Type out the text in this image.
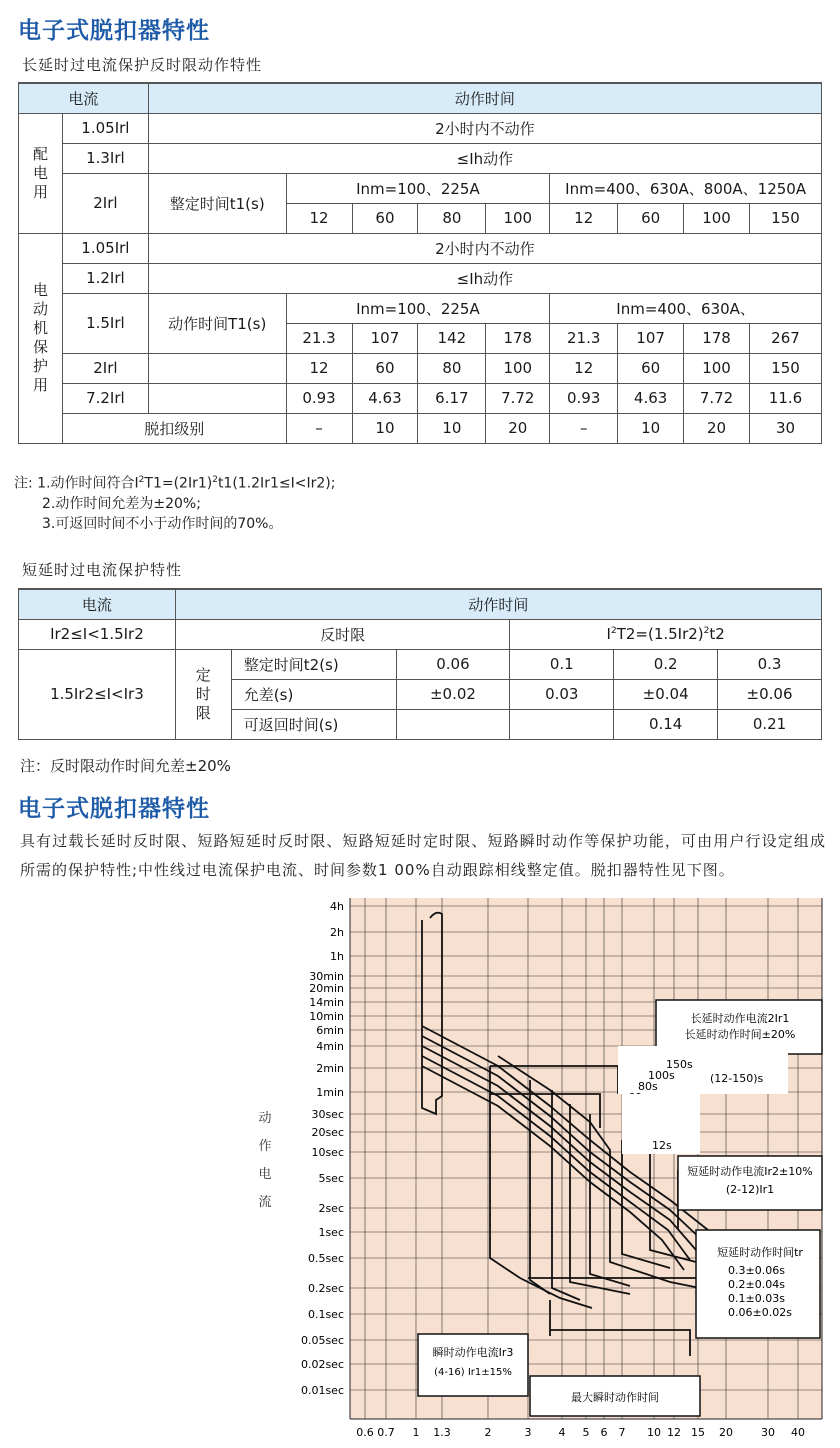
电子式脱扣器特性
长延时过电流保护反时限动作特性
电流		动作时间								

配电用	1.05Irl	2小时内不动作								
	1.3Irl	≤Ih动作								
	2Irl	整定时间t1(s)	Inm=100、225A				Inm=400、630A、800A、1250A			
			12	60	80	100	12	60	100	150

电动机保护用	1.05Irl	2小时内不动作								
	1.2Irl	≤Ih动作								
	1.5Irl	动作时间T1(s)	Inm=100、225A				Inm=400、630A、			
			21.3	107	142	178	21.3	107	178	267
	2Irl		12	60	80	100	12	60	100	150
	7.2Irl		0.93	4.63	6.17	7.72	0.93	4.63	7.72	11.6
	脱扣级别		–	10	10	20	–	10	20	30
注: 1.动作时间符合$I^2T1=(2Ir1)^2t1(1.2Ir1\le I<Ir2)$;
2.动作时间允差为±20%;
3.可返回时间不小于动作时间的70%。
短延时过电流保护特性
电流	动作时间					
Ir2≤I<1.5Ir2	反时限			$I^2T2=(1.5Ir2)^2t2$		
1.5Ir2≤I<Ir3	定时限	整定时间t2(s)	0.06	0.1	0.2	0.3
		允差(s)	±0.02	0.03	±0.04	±0.06
		可返回时间(s)			0.14	0.21
注：反时限动作时间允差±20%
电子式脱扣器特性
具有过载长延时反时限、短路短延时反时限、短路短延时定时限、短路瞬时动作等保护功能，可由用户行设定组成所需的保护特性;中性线过电流保护电流、时间参数1 00%自动跟踪相线整定值。脱扣器特性见下图。
动作电流
4h
2h
1h
30min
20min
14min
10min
6min
4min
2min
1min
30sec
20sec
10sec
5sec
2sec
1sec
0.5sec
0.2sec
0.1sec
0.05sec
0.02sec
0.01sec
0.6 0.7 1 1.3	2	3 4 5 6 7 10 12 15 20	30 40
长延时动作电流2Ir1
长延时动作时间±20%
150s
100s
80s
(12-150)s
12s
短延时动作电流Ir2±10%
(2-12)Ir1
短延时动作时间tr
0.3±0.06s
0.2±0.04s
0.1±0.03s
0.06±0.02s
瞬时动作电流Ir3
(4-16) Ir1±15%
最大瞬时动作时间
